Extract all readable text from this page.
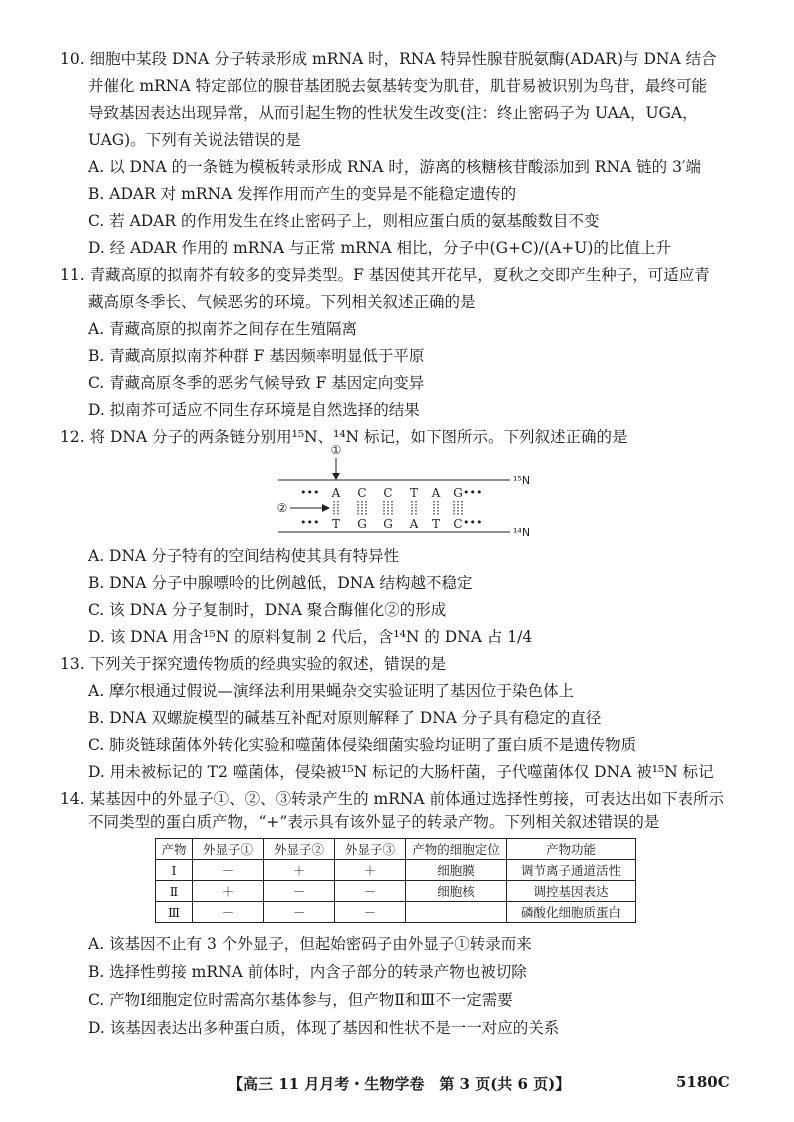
10. 细胞中某段 DNA 分子转录形成 mRNA 时，RNA 特异性腺苷脱氨酶(ADAR)与 DNA 结合
并催化 mRNA 特定部位的腺苷基团脱去氨基转变为肌苷，肌苷易被识别为鸟苷，最终可能
导致基因表达出现异常，从而引起生物的性状发生改变(注：终止密码子为 UAA，UGA，
UAG)。下列有关说法错误的是
A. 以 DNA 的一条链为模板转录形成 RNA 时，游离的核糖核苷酸添加到 RNA 链的 3′端
B. ADAR 对 mRNA 发挥作用而产生的变异是不能稳定遗传的
C. 若 ADAR 的作用发生在终止密码子上，则相应蛋白质的氨基酸数目不变
D. 经 ADAR 作用的 mRNA 与正常 mRNA 相比，分子中(G+C)/(A+U)的比值上升
11. 青藏高原的拟南芥有较多的变异类型。F 基因使其开花早，夏秋之交即产生种子，可适应青
藏高原冬季长、气候恶劣的环境。下列相关叙述正确的是
A. 青藏高原的拟南芥之间存在生殖隔离
B. 青藏高原拟南芥种群 F 基因频率明显低于平原
C. 青藏高原冬季的恶劣气候导致 F 基因定向变异
D. 拟南芥可适应不同生存环境是自然选择的结果
12. 将 DNA 分子的两条链分别用¹⁵N、¹⁴N 标记，如下图所示。下列叙述正确的是
①
¹⁵N
¹⁴N
•••	•••
•••	•••
A C C T A G
T G G A T C
②
A. DNA 分子特有的空间结构使其具有特异性
B. DNA 分子中腺嘌呤的比例越低，DNA 结构越不稳定
C. 该 DNA 分子复制时，DNA 聚合酶催化②的形成
D. 该 DNA 用含¹⁵N 的原料复制 2 代后，含¹⁴N 的 DNA 占 1/4
13. 下列关于探究遗传物质的经典实验的叙述，错误的是
A. 摩尔根通过假说—演绎法利用果蝇杂交实验证明了基因位于染色体上
B. DNA 双螺旋模型的碱基互补配对原则解释了 DNA 分子具有稳定的直径
C. 肺炎链球菌体外转化实验和噬菌体侵染细菌实验均证明了蛋白质不是遗传物质
D. 用未被标记的 T2 噬菌体，侵染被¹⁵N 标记的大肠杆菌，子代噬菌体仅 DNA 被¹⁵N 标记
14. 某基因中的外显子①、②、③转录产生的 mRNA 前体通过选择性剪接，可表达出如下表所示
不同类型的蛋白质产物，“+”表示具有该外显子的转录产物。下列相关叙述错误的是
产物	外显子①	外显子②	外显子③	产物的细胞定位	产物功能
Ⅰ	－	＋	＋	细胞膜	调节离子通道活性
Ⅱ	＋	－	－	细胞核	调控基因表达
Ⅲ	－	－	－		磷酸化细胞质蛋白
A. 该基因不止有 3 个外显子，但起始密码子由外显子①转录而来
B. 选择性剪接 mRNA 前体时，内含子部分的转录产物也被切除
C. 产物Ⅰ细胞定位时需高尔基体参与，但产物Ⅱ和Ⅲ不一定需要
D. 该基因表达出多种蛋白质，体现了基因和性状不是一一对应的关系
【高三 11 月月考・生物学卷　第 3 页(共 6 页)】	5180C
